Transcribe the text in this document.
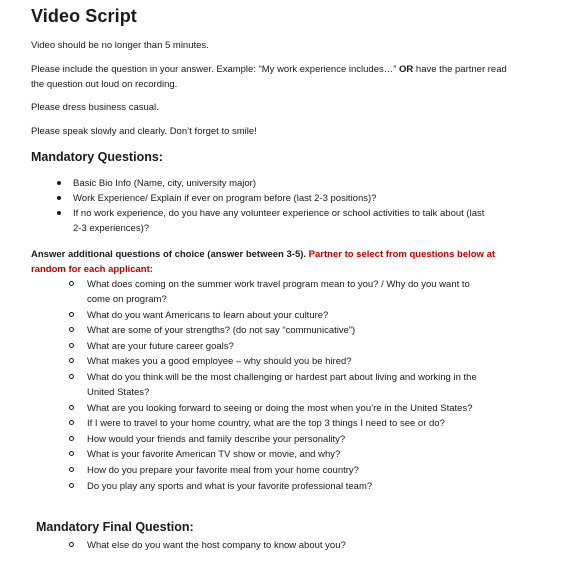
Video Script

Video should be no longer than 5 minutes.

Please include the question in your answer. Example: “My work experience includes…” OR have the partner read the question out loud on recording.

Please dress business casual.

Please speak slowly and clearly. Don’t forget to smile!

Mandatory Questions:
Basic Bio Info (Name, city, university major)
Work Experience/ Explain if ever on program before (last 2-3 positions)?
If no work experience, do you have any volunteer experience or school activities to talk about (last 2-3 experiences)?

Answer additional questions of choice (answer between 3-5). Partner to select from questions below at random for each applicant:

What does coming on the summer work travel program mean to you? / Why do you want to come on program?
What do you want Americans to learn about your culture?
What are some of your strengths? (do not say “communicative”)
What are your future career goals?
What makes you a good employee – why should you be hired?
What do you think will be the most challenging or hardest part about living and working in the United States?
What are you looking forward to seeing or doing the most when you’re in the United States?
If I were to travel to your home country, what are the top 3 things I need to see or do?
How would your friends and family describe your personality?
What is your favorite American TV show or movie, and why?
How do you prepare your favorite meal from your home country?
Do you play any sports and what is your favorite professional team?
Mandatory Final Question:
What else do you want the host company to know about you?
